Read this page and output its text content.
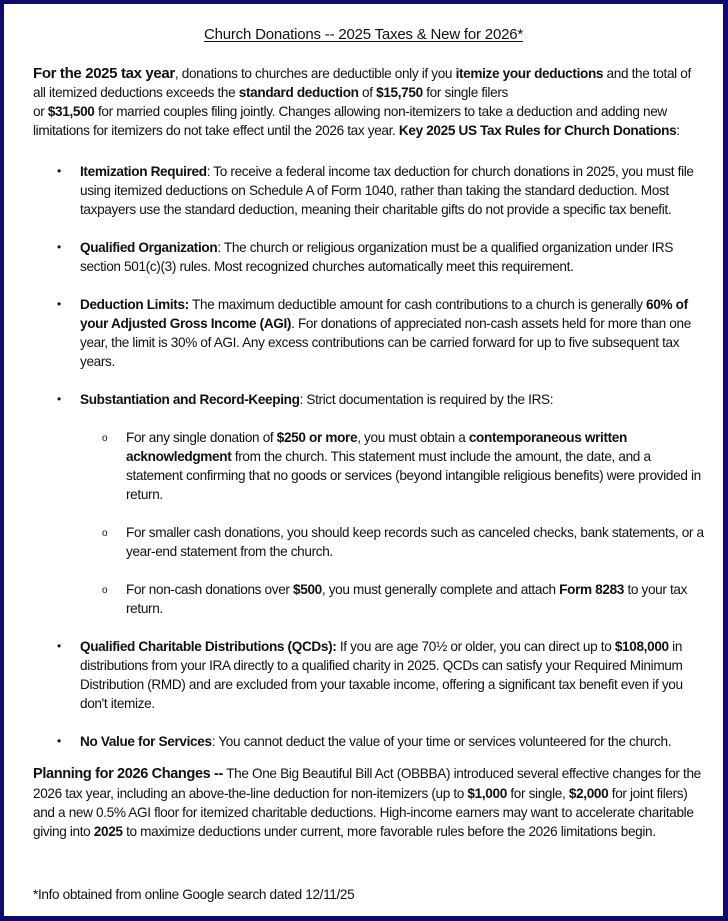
Church Donations -- 2025 Taxes & New for 2026*

For the 2025 tax year, donations to churches are deductible only if you itemize your deductions and the total of all itemized deductions exceeds the standard deduction of $15,750 for single filers
or $31,500 for married couples filing jointly. Changes allowing non-itemizers to take a deduction and adding new limitations for itemizers do not take effect until the 2026 tax year. Key 2025 US Tax Rules for Church Donations:

• Itemization Required: To receive a federal income tax deduction for church donations in 2025, you must file using itemized deductions on Schedule A of Form 1040, rather than taking the standard deduction. Most taxpayers use the standard deduction, meaning their charitable gifts do not provide a specific tax benefit.
• Qualified Organization: The church or religious organization must be a qualified organization under IRS section 501(c)(3) rules. Most recognized churches automatically meet this requirement.
• Deduction Limits: The maximum deductible amount for cash contributions to a church is generally 60% of your Adjusted Gross Income (AGI). For donations of appreciated non-cash assets held for more than one year, the limit is 30% of AGI. Any excess contributions can be carried forward for up to five subsequent tax years.
• Substantiation and Record-Keeping: Strict documentation is required by the IRS:
o For any single donation of $250 or more, you must obtain a contemporaneous written acknowledgment from the church. This statement must include the amount, the date, and a statement confirming that no goods or services (beyond intangible religious benefits) were provided in return.
o For smaller cash donations, you should keep records such as canceled checks, bank statements, or a year-end statement from the church.
o For non-cash donations over $500, you must generally complete and attach Form 8283 to your tax return.
• Qualified Charitable Distributions (QCDs): If you are age 70½ or older, you can direct up to $108,000 in distributions from your IRA directly to a qualified charity in 2025. QCDs can satisfy your Required Minimum Distribution (RMD) and are excluded from your taxable income, offering a significant tax benefit even if you don't itemize.
• No Value for Services: You cannot deduct the value of your time or services volunteered for the church.

Planning for 2026 Changes -- The One Big Beautiful Bill Act (OBBBA) introduced several effective changes for the 2026 tax year, including an above-the-line deduction for non-itemizers (up to $1,000 for single, $2,000 for joint filers) and a new 0.5% AGI floor for itemized charitable deductions. High-income earners may want to accelerate charitable giving into 2025 to maximize deductions under current, more favorable rules before the 2026 limitations begin.

*Info obtained from online Google search dated 12/11/25
